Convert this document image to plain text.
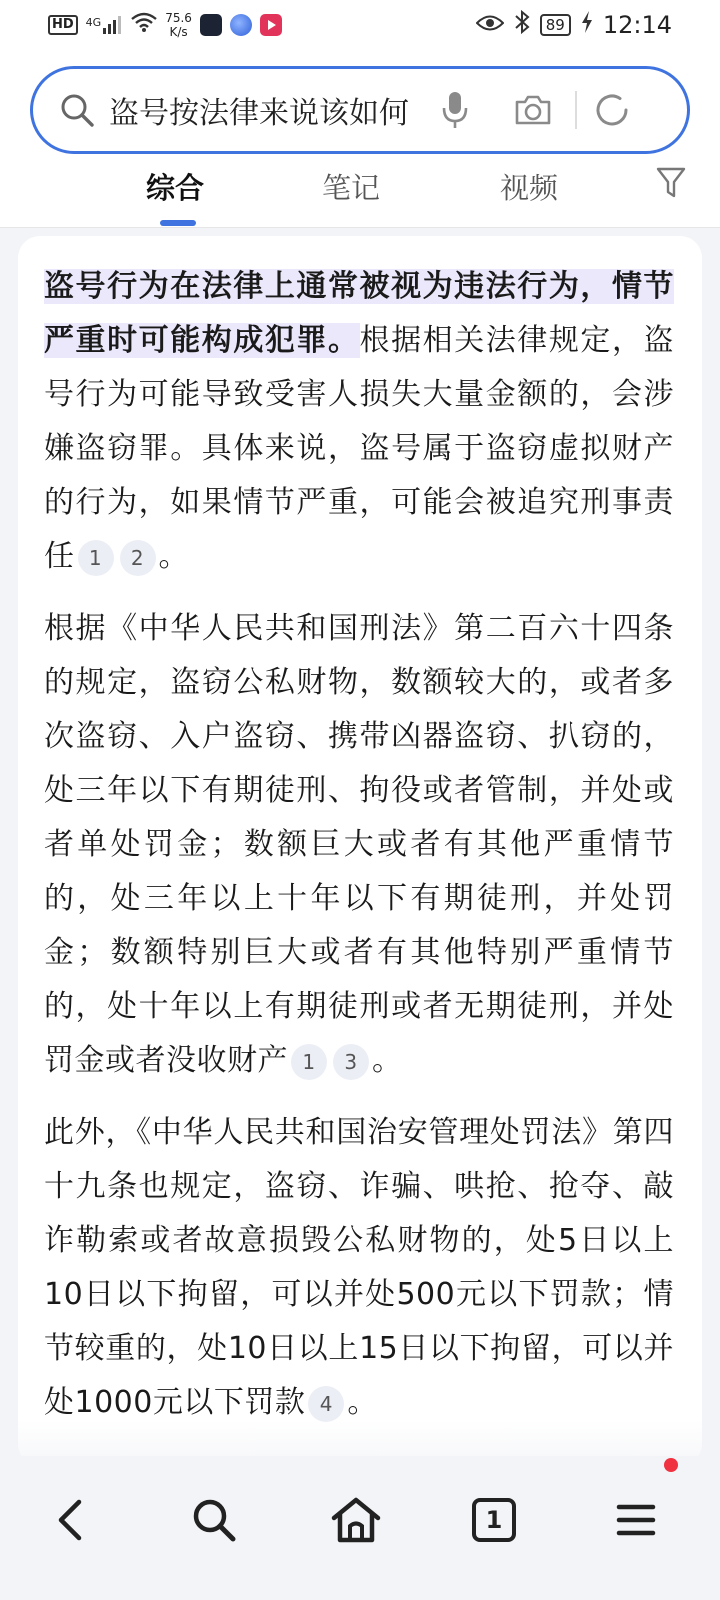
HD	4G	75.6
K/s	89 12:14
盗号按法律来说该如何
综合	笔记	视频

盗号行为在法律上通常被视为违法行为，情节严重时可能构成犯罪。根据相关法律规定，盗号行为可能导致受害人损失大量金额的，会涉嫌盗窃罪。具体来说，盗号属于盗窃虚拟财产的行为，如果情节严重，可能会被追究刑事责任 1 2 。

根据《中华人民共和国刑法》第二百六十四条的规定，盗窃公私财物，数额较大的，或者多次盗窃、入户盗窃、携带凶器盗窃、扒窃的，处三年以下有期徒刑、拘役或者管制，并处或者单处罚金；数额巨大或者有其他严重情节的，处三年以上十年以下有期徒刑，并处罚金；数额特别巨大或者有其他特别严重情节的，处十年以上有期徒刑或者无期徒刑，并处罚金或者没收财产 1 3 。

此外，《中华人民共和国治安管理处罚法》第四十九条也规定，盗窃、诈骗、哄抢、抢夺、敲诈勒索或者故意损毁公私财物的，处5日以上10日以下拘留，可以并处500元以下罚款；情节较重的，处10日以上15日以下拘留，可以并处1000元以下罚款 4 。

1
